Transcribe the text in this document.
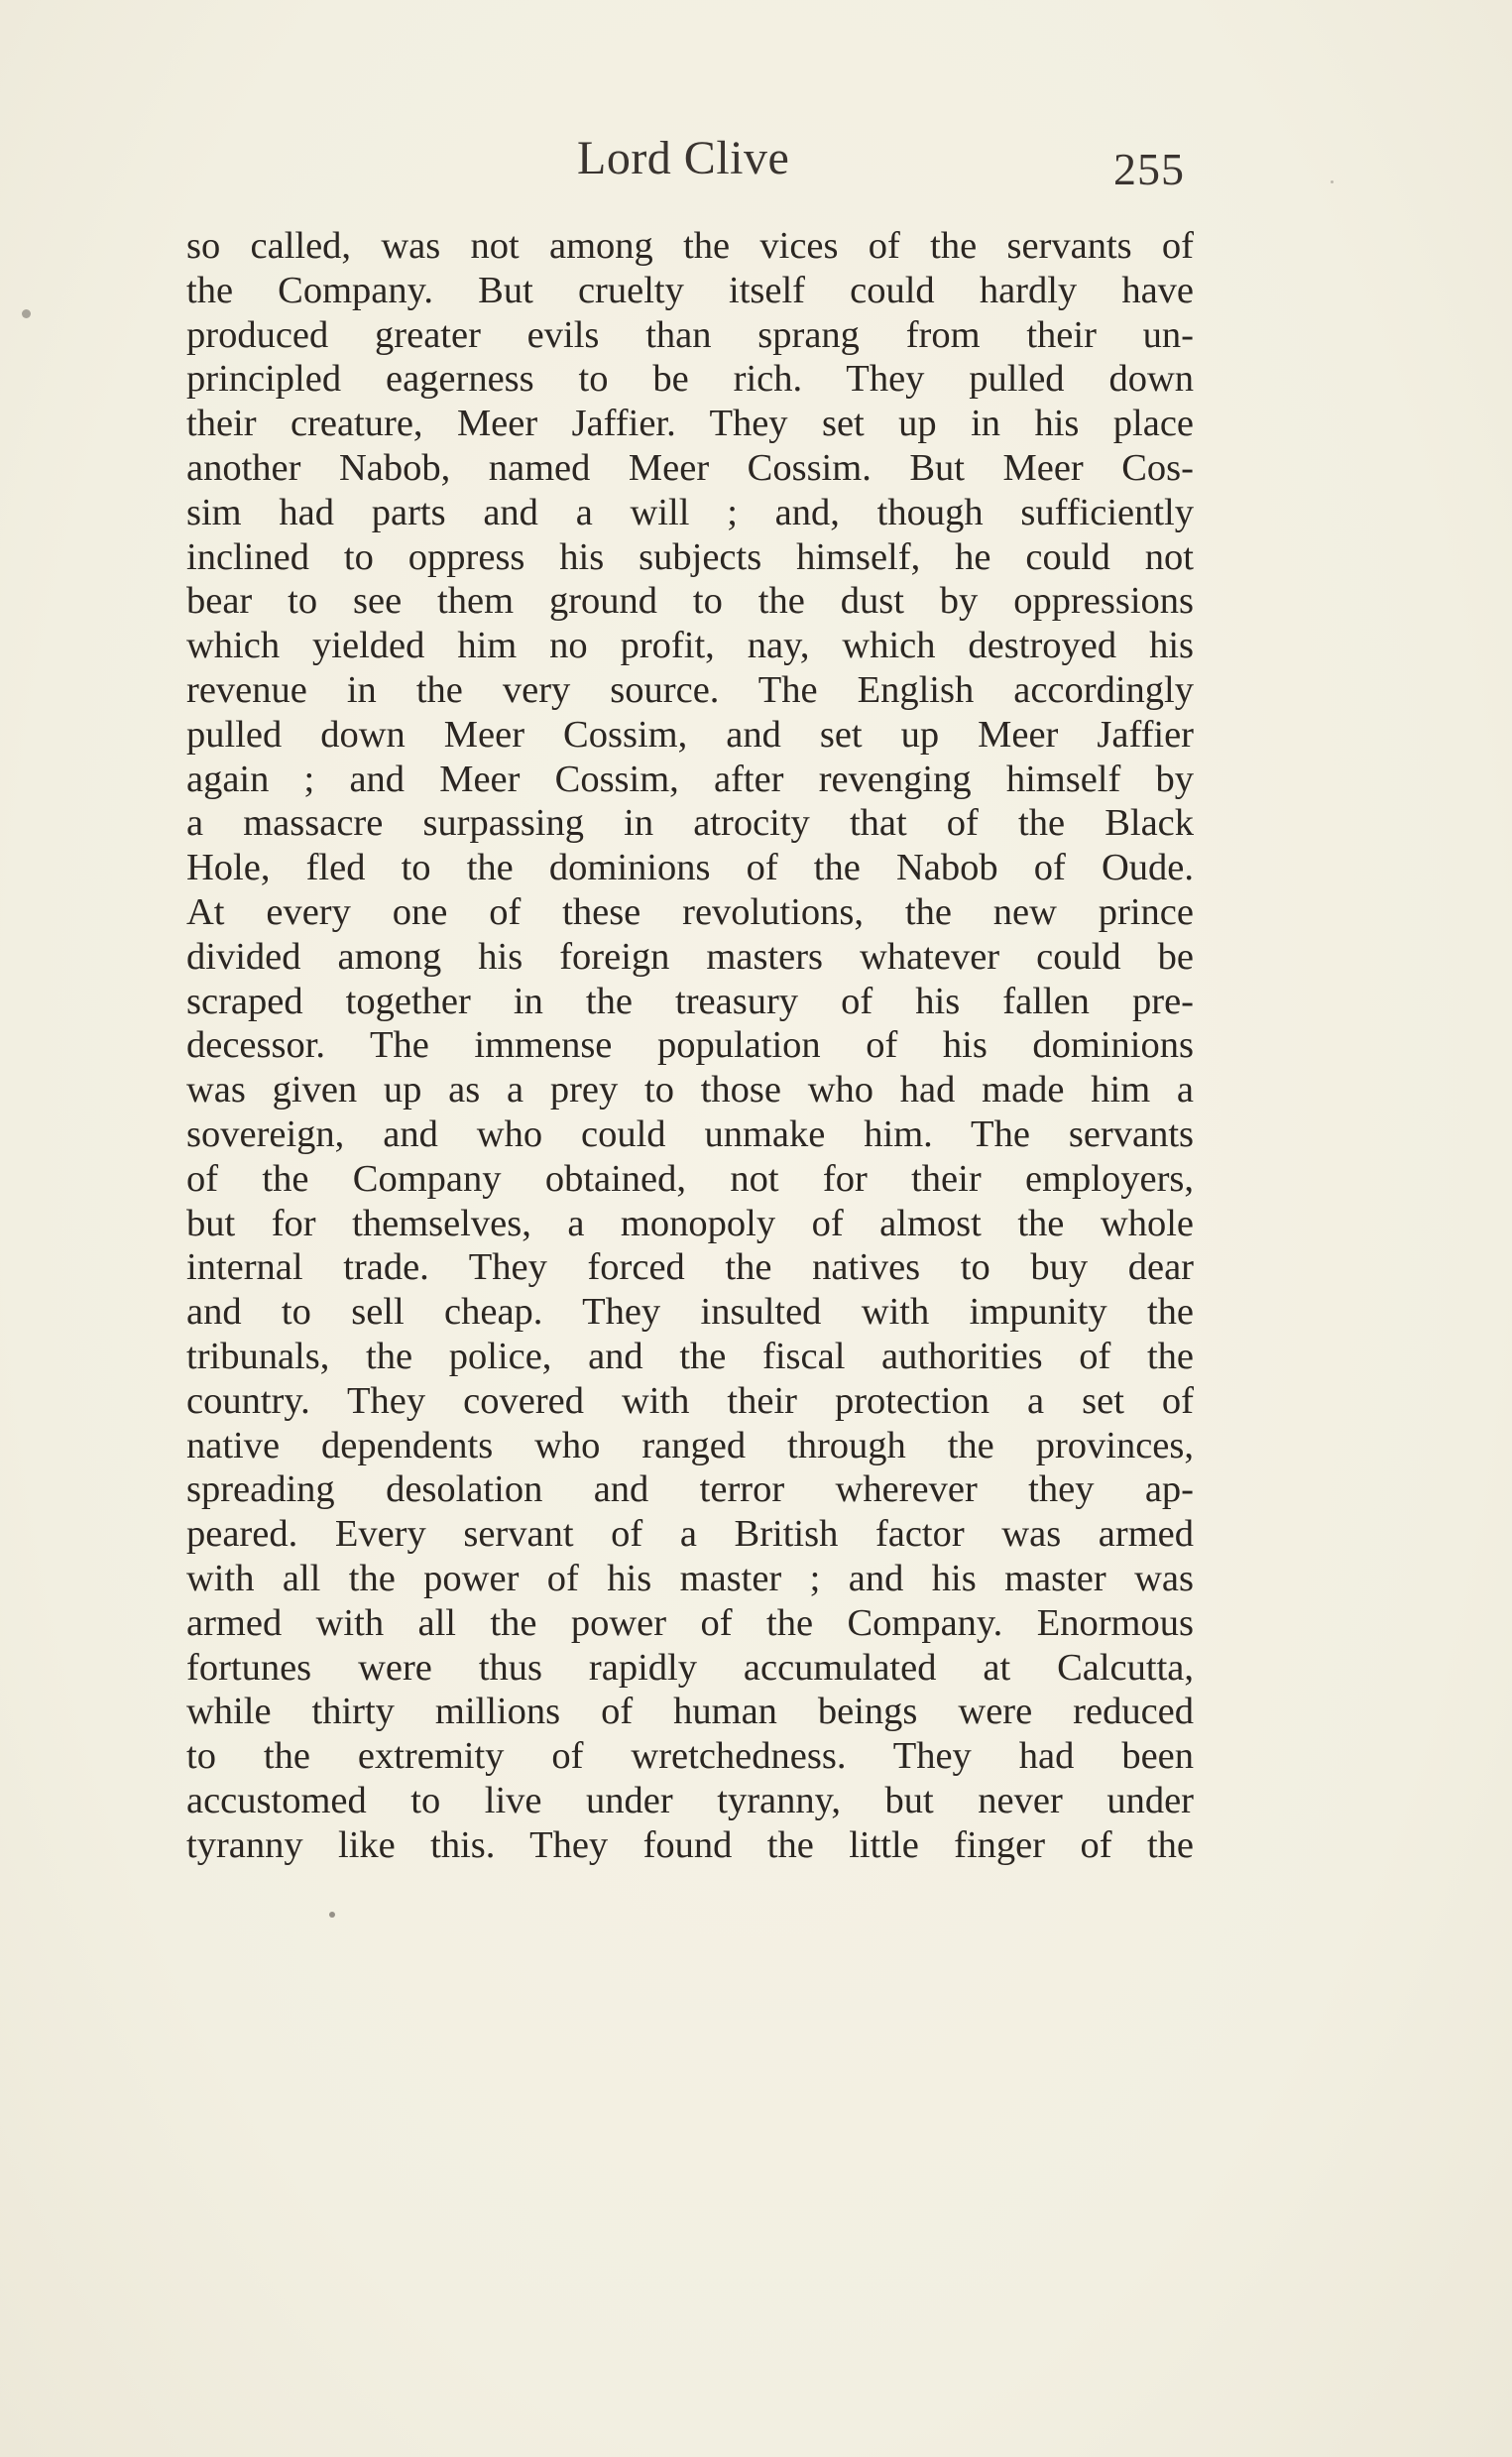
Lord Clive	255
so called, was not among the vices of the servants of
the Company. But cruelty itself could hardly have
produced greater evils than sprang from their un-
principled eagerness to be rich. They pulled down
their creature, Meer Jaffier. They set up in his place
another Nabob, named Meer Cossim. But Meer Cos-
sim had parts and a will ; and, though sufficiently
inclined to oppress his subjects himself, he could not
bear to see them ground to the dust by oppressions
which yielded him no profit, nay, which destroyed his
revenue in the very source. The English accordingly
pulled down Meer Cossim, and set up Meer Jaffier
again ; and Meer Cossim, after revenging himself by
a massacre surpassing in atrocity that of the Black
Hole, fled to the dominions of the Nabob of Oude.
At every one of these revolutions, the new prince
divided among his foreign masters whatever could be
scraped together in the treasury of his fallen pre-
decessor. The immense population of his dominions
was given up as a prey to those who had made him a
sovereign, and who could unmake him. The servants
of the Company obtained, not for their employers,
but for themselves, a monopoly of almost the whole
internal trade. They forced the natives to buy dear
and to sell cheap. They insulted with impunity the
tribunals, the police, and the fiscal authorities of the
country. They covered with their protection a set of
native dependents who ranged through the provinces,
spreading desolation and terror wherever they ap-
peared. Every servant of a British factor was armed
with all the power of his master ; and his master was
armed with all the power of the Company. Enormous
fortunes were thus rapidly accumulated at Calcutta,
while thirty millions of human beings were reduced
to the extremity of wretchedness. They had been
accustomed to live under tyranny, but never under
tyranny like this. They found the little finger of the
